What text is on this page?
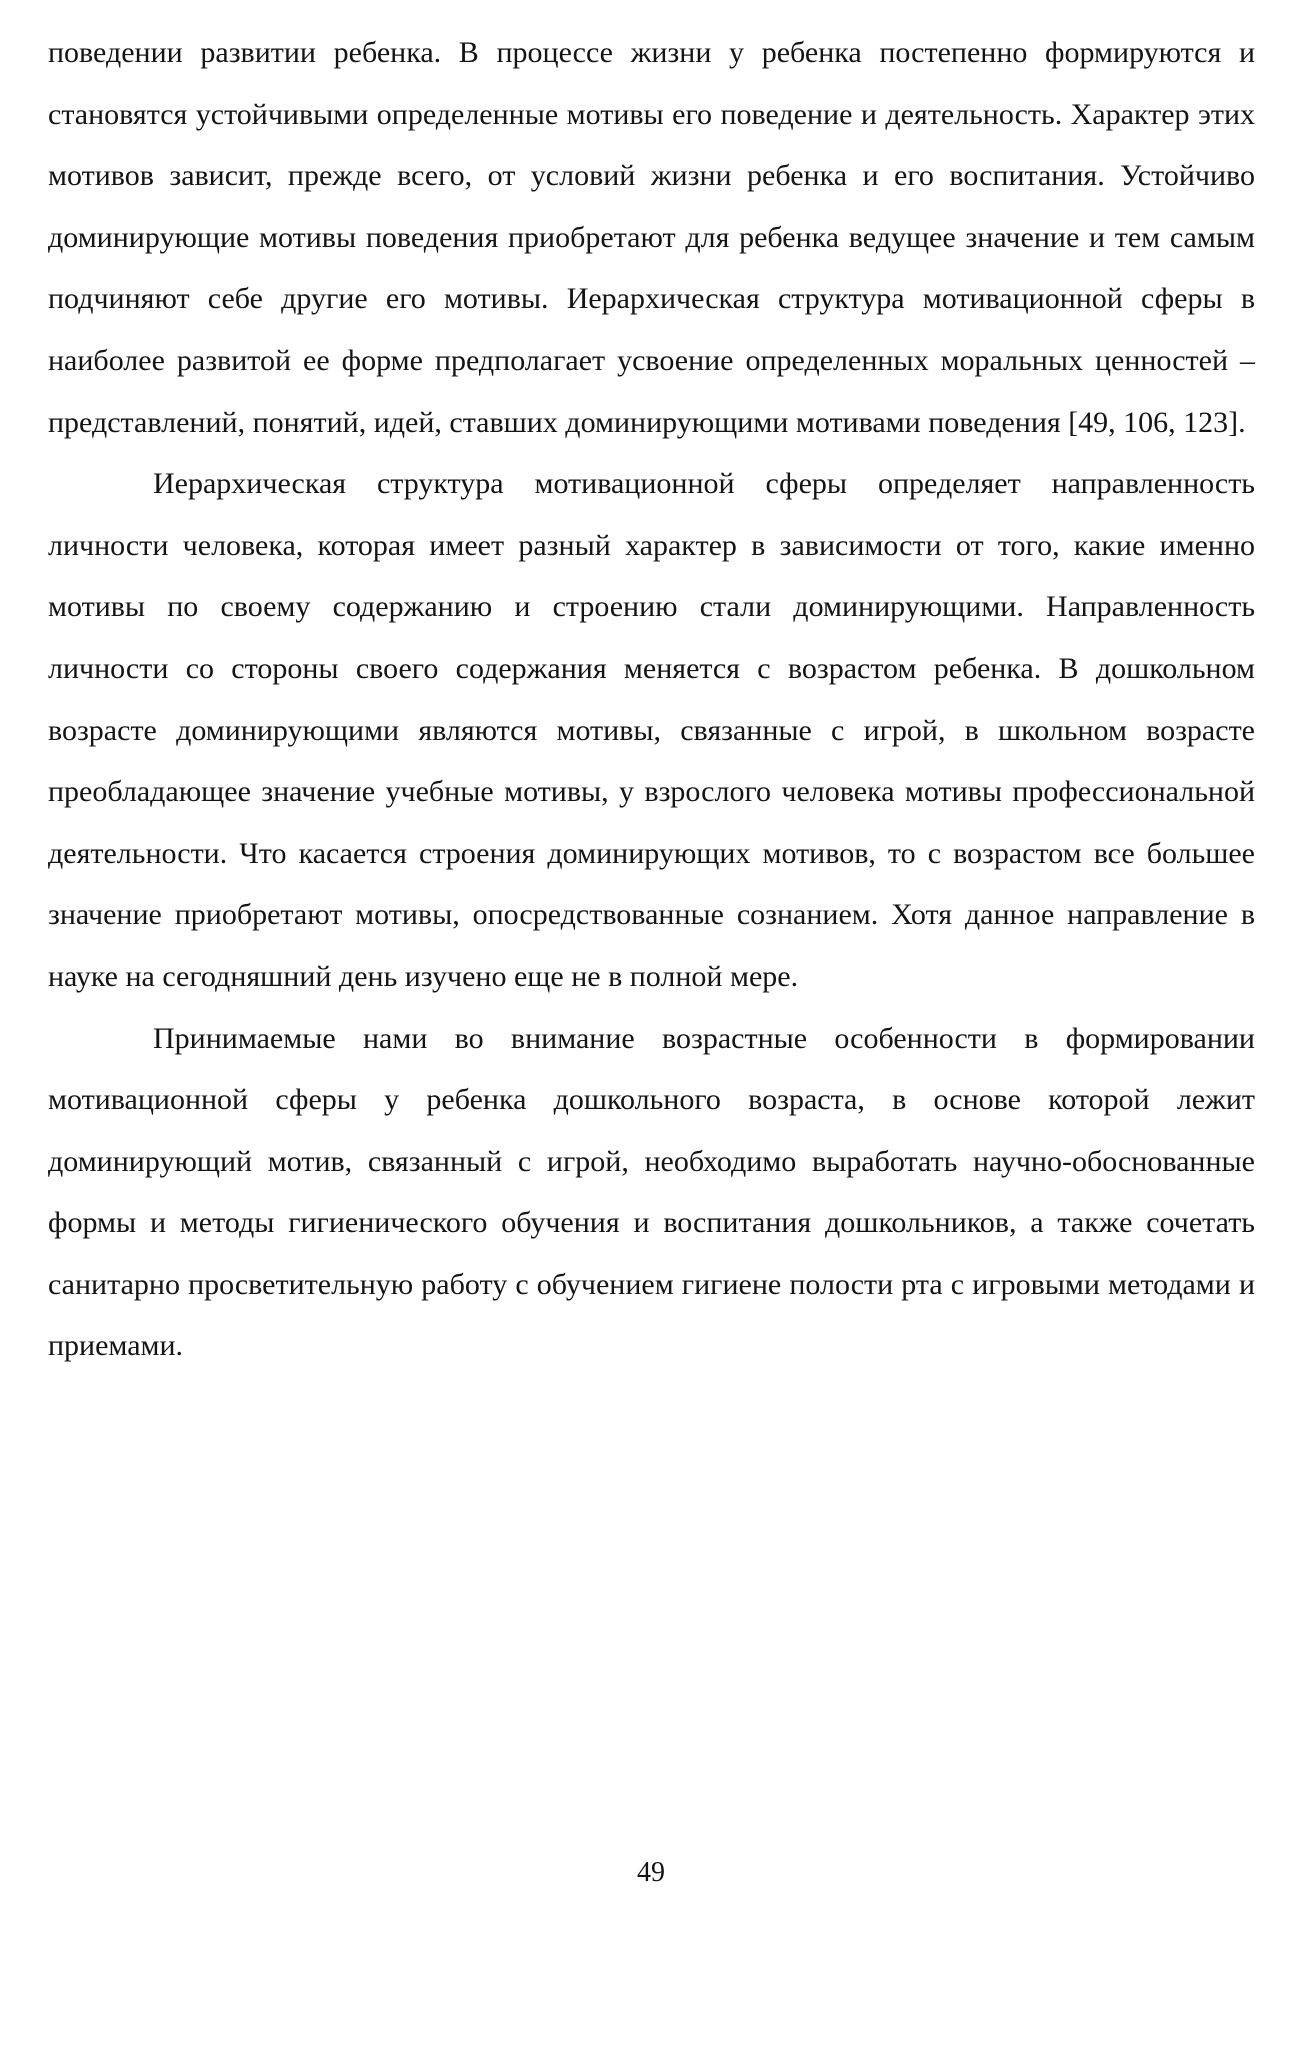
поведении развитии ребенка. В процессе жизни у ребенка постепенно формируются и становятся устойчивыми определенные мотивы его поведение и деятельность. Характер этих мотивов зависит, прежде всего, от условий жизни ребенка и его воспитания. Устойчиво доминирующие мотивы поведения приобретают для ребенка ведущее значение и тем самым подчиняют себе другие его мотивы. Иерархическая структура мотивационной сферы в наиболее развитой ее форме предполагает усвоение определенных моральных ценностей – представлений, понятий, идей, ставших доминирующими мотивами поведения [49, 106, 123].

Иерархическая структура мотивационной сферы определяет направленность личности человека, которая имеет разный характер в зависимости от того, какие именно мотивы по своему содержанию и строению стали доминирующими. Направленность личности со стороны своего содержания меняется с возрастом ребенка. В дошкольном возрасте доминирующими являются мотивы, связанные с игрой, в школьном возрасте преобладающее значение учебные мотивы, у взрослого человека мотивы профессиональной деятельности. Что касается строения доминирующих мотивов, то с возрастом все большее значение приобретают мотивы, опосредствованные сознанием. Хотя данное направление в науке на сегодняшний день изучено еще не в полной мере.

Принимаемые нами во внимание возрастные особенности в формировании мотивационной сферы у ребенка дошкольного возраста, в основе которой лежит доминирующий мотив, связанный с игрой, необходимо выработать научно-обоснованные формы и методы гигиенического обучения и воспитания дошкольников, а также сочетать санитарно просветительную работу с обучением гигиене полости рта с игровыми методами и приемами.

49
